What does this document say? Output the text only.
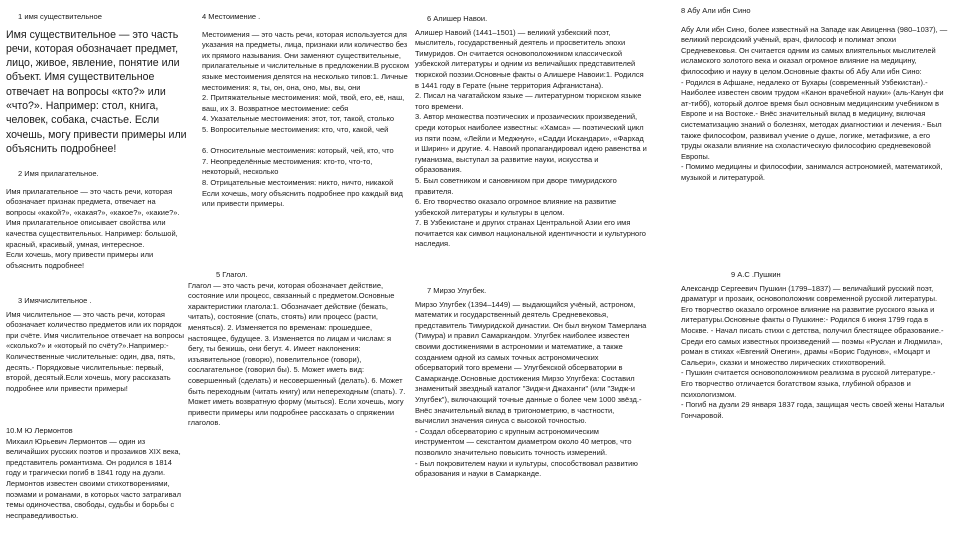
1 имя существительное

Имя существительное — это часть речи, которая обозначает предмет, лицо, живое, явление, понятие или объект. Имя существительное отвечает на вопросы «кто?» или «что?». Например: стол, книга, человек, собака, счастье. Если хочешь, могу привести примеры или объяснить подробнее!

2 Имя прилагательное.

Имя прилагательное — это часть речи, которая обозначает признак предмета, отвечает на вопросы «какой?», «какая?», «какое?», «какие?». Имя прилагательное описывает свойства или качества существительных. Например: большой, красный, красивый, умная, интересное.
Если хочешь, могу привести примеры или объяснить подробнее!

3 Имячислительное .

Имя числительное — это часть речи, которая обозначает количество предметов или их порядок при счёте. Имя числительное отвечает на вопросы «сколько?» и «который по счёту?».Например:- Количественные числительные: один, два, пять, десять.- Порядковые числительные: первый, второй, десятый.Если хочешь, могу рассказать подробнее или привести примеры!

10.М Ю Лермонтов

Михаил Юрьевич Лермонтов — один из величайших русских поэтов и прозаиков XIX века, представитель романтизма. Он родился в 1814 году и трагически погиб в 1841 году на дуэли. Лермонтов известен своими стихотворениями, поэмами и романами, в которых часто затрагивал темы одиночества, свободы, судьбы и борьбы с несправедливостью.

4 Местоимение .

Местоимения — это часть речи, которая используется для указания на предметы, лица, признаки или количество без их прямого называния. Они заменяют существительные, прилагательные и числительные в предложении.В русском языке местоимения делятся на несколько типов:1. Личные местоимения: я, ты, он, она, оно, мы, вы, они
2. Притяжательные местоимения: мой, твой, его, её, наш, ваш, их 3. Возвратное местоимение: себя
4. Указательные местоимения: этот, тот, такой, столько
5. Вопросительные местоимения: кто, что, какой, чей

6. Относительные местоимения: который, чей, кто, что
7. Неопределённые местоимения: кто-то, что-то, некоторый, несколько
8. Отрицательные местоимения: никто, ничто, никакой
Если хочешь, могу объяснить подробнее про каждый вид или привести примеры.

5 Глагол.

Глагол — это часть речи, которая обозначает действие, состояние или процесс, связанный с предметом.Основные характеристики глагола:1. Обозначает действие (бежать, читать), состояние (спать, стоять) или процесс (расти, меняться). 2. Изменяется по временам: прошедшее, настоящее, будущее. 3. Изменяется по лицам и числам: я бегу, ты бежишь, они бегут. 4. Имеет наклонения: изъявительное (говорю), повелительное (говори), сослагательное (говорил бы). 5. Может иметь вид: совершенный (сделать) и несовершенный (делать). 6. Может быть переходным (читать книгу) или непереходным (спать). 7. Может иметь возвратную форму (мыться). Если хочешь, могу привести примеры или подробнее рассказать о спряжении глаголов.

6 Алишер Навои.

Алишер Навоий (1441–1501) — великий узбекский поэт, мыслитель, государственный деятель и просветитель эпохи Тимуридов. Он считается основоположником классической узбекской литературы и одним из величайших представителей тюркской поэзии.Основные факты о Алишере Навоии:1. Родился в 1441 году в Герате (ныне территория Афганистана).
2. Писал на чагатайском языке — литературном тюркском языке того времени.
3. Автор множества поэтических и прозаических произведений, среди которых наиболее известны: «Хамса» — поэтический цикл из пяти поэм, «Лейли и Меджнун», «Садди Искандари», «Фархад и Ширин» и другие. 4. Навоий пропагандировал идею равенства и гуманизма, выступал за развитие науки, искусства и образования.
5. Был советником и сановником при дворе тимуридского правителя.
6. Его творчество оказало огромное влияние на развитие узбекской литературы и культуры в целом.
7. В Узбекистане и других странах Центральной Азии его имя почитается как символ национальной идентичности и культурного наследия.

7 Мирзо Улугбек.

Мирзо Улугбек (1394–1449) — выдающийся учёный, астроном, математик и государственный деятель Средневековья, представитель Тимуридской династии. Он был внуком Тамерлана (Тимура) и правил Самаркандом. Улугбек наиболее известен своими достижениями в астрономии и математике, а также созданием одной из самых точных астрономических обсерваторий того времени — Улугбекской обсерватории в Самарканде.Основные достижения Мирзо Улугбека: Составил знаменитый звездный каталог "Зидж-и Джаханги" (или "Зидж-и Улугбек"), включающий точные данные о более чем 1000 звёзд.-Внёс значительный вклад в тригонометрию, в частности, вычислил значения синуса с высокой точностью.
- Создал обсерваторию с крупным астрономическим инструментом — секстантом диаметром около 40 метров, что позволило значительно повысить точность измерений.
- Был покровителем науки и культуры, способствовал развитию образования и науки в Самарканде.

8 Абу Али ибн Сино

Абу Али ибн Сино, более известный на Западе как Авиценна (980–1037), — великий персидский учёный, врач, философ и полимат эпохи Средневековья. Он считается одним из самых влиятельных мыслителей исламского золотого века и оказал огромное влияние на медицину, философию и науку в целом.Основные факты об Абу Али ибн Сино:
- Родился в Афшане, недалеко от Бухары (современный Узбекистан).- Наиболее известен своим трудом «Канон врачебной науки» (аль-Канун фи ат-тибб), который долгое время был основным медицинским учебником в Европе и на Востоке.- Внёс значительный вклад в медицину, включая систематизацию знаний о болезнях, методах диагностики и лечения.- Был также философом, развивал учение о душе, логике, метафизике, а его труды оказали влияние на схоластическую философию средневековой Европы.
- Помимо медицины и философии, занимался астрономией, математикой, музыкой и литературой.

9 А.С .Пушкин

Александр Сергеевич Пушкин (1799–1837) — величайший русский поэт, драматург и прозаик, основоположник современной русской литературы. Его творчество оказало огромное влияние на развитие русского языка и литературы.Основные факты о Пушкине:- Родился 6 июня 1799 года в Москве. - Начал писать стихи с детства, получил блестящее образование.- Среди его самых известных произведений — поэмы «Руслан и Людмила», роман в стихах «Евгений Онегин», драмы «Борис Годунов», «Моцарт и Сальери», сказки и множество лирических стихотворений.
- Пушкин считается основоположником реализма в русской литературе.- Его творчество отличается богатством языка, глубиной образов и психологизмом.
- Погиб на дуэли 29 января 1837 года, защищая честь своей жены Натальи Гончаровой.
